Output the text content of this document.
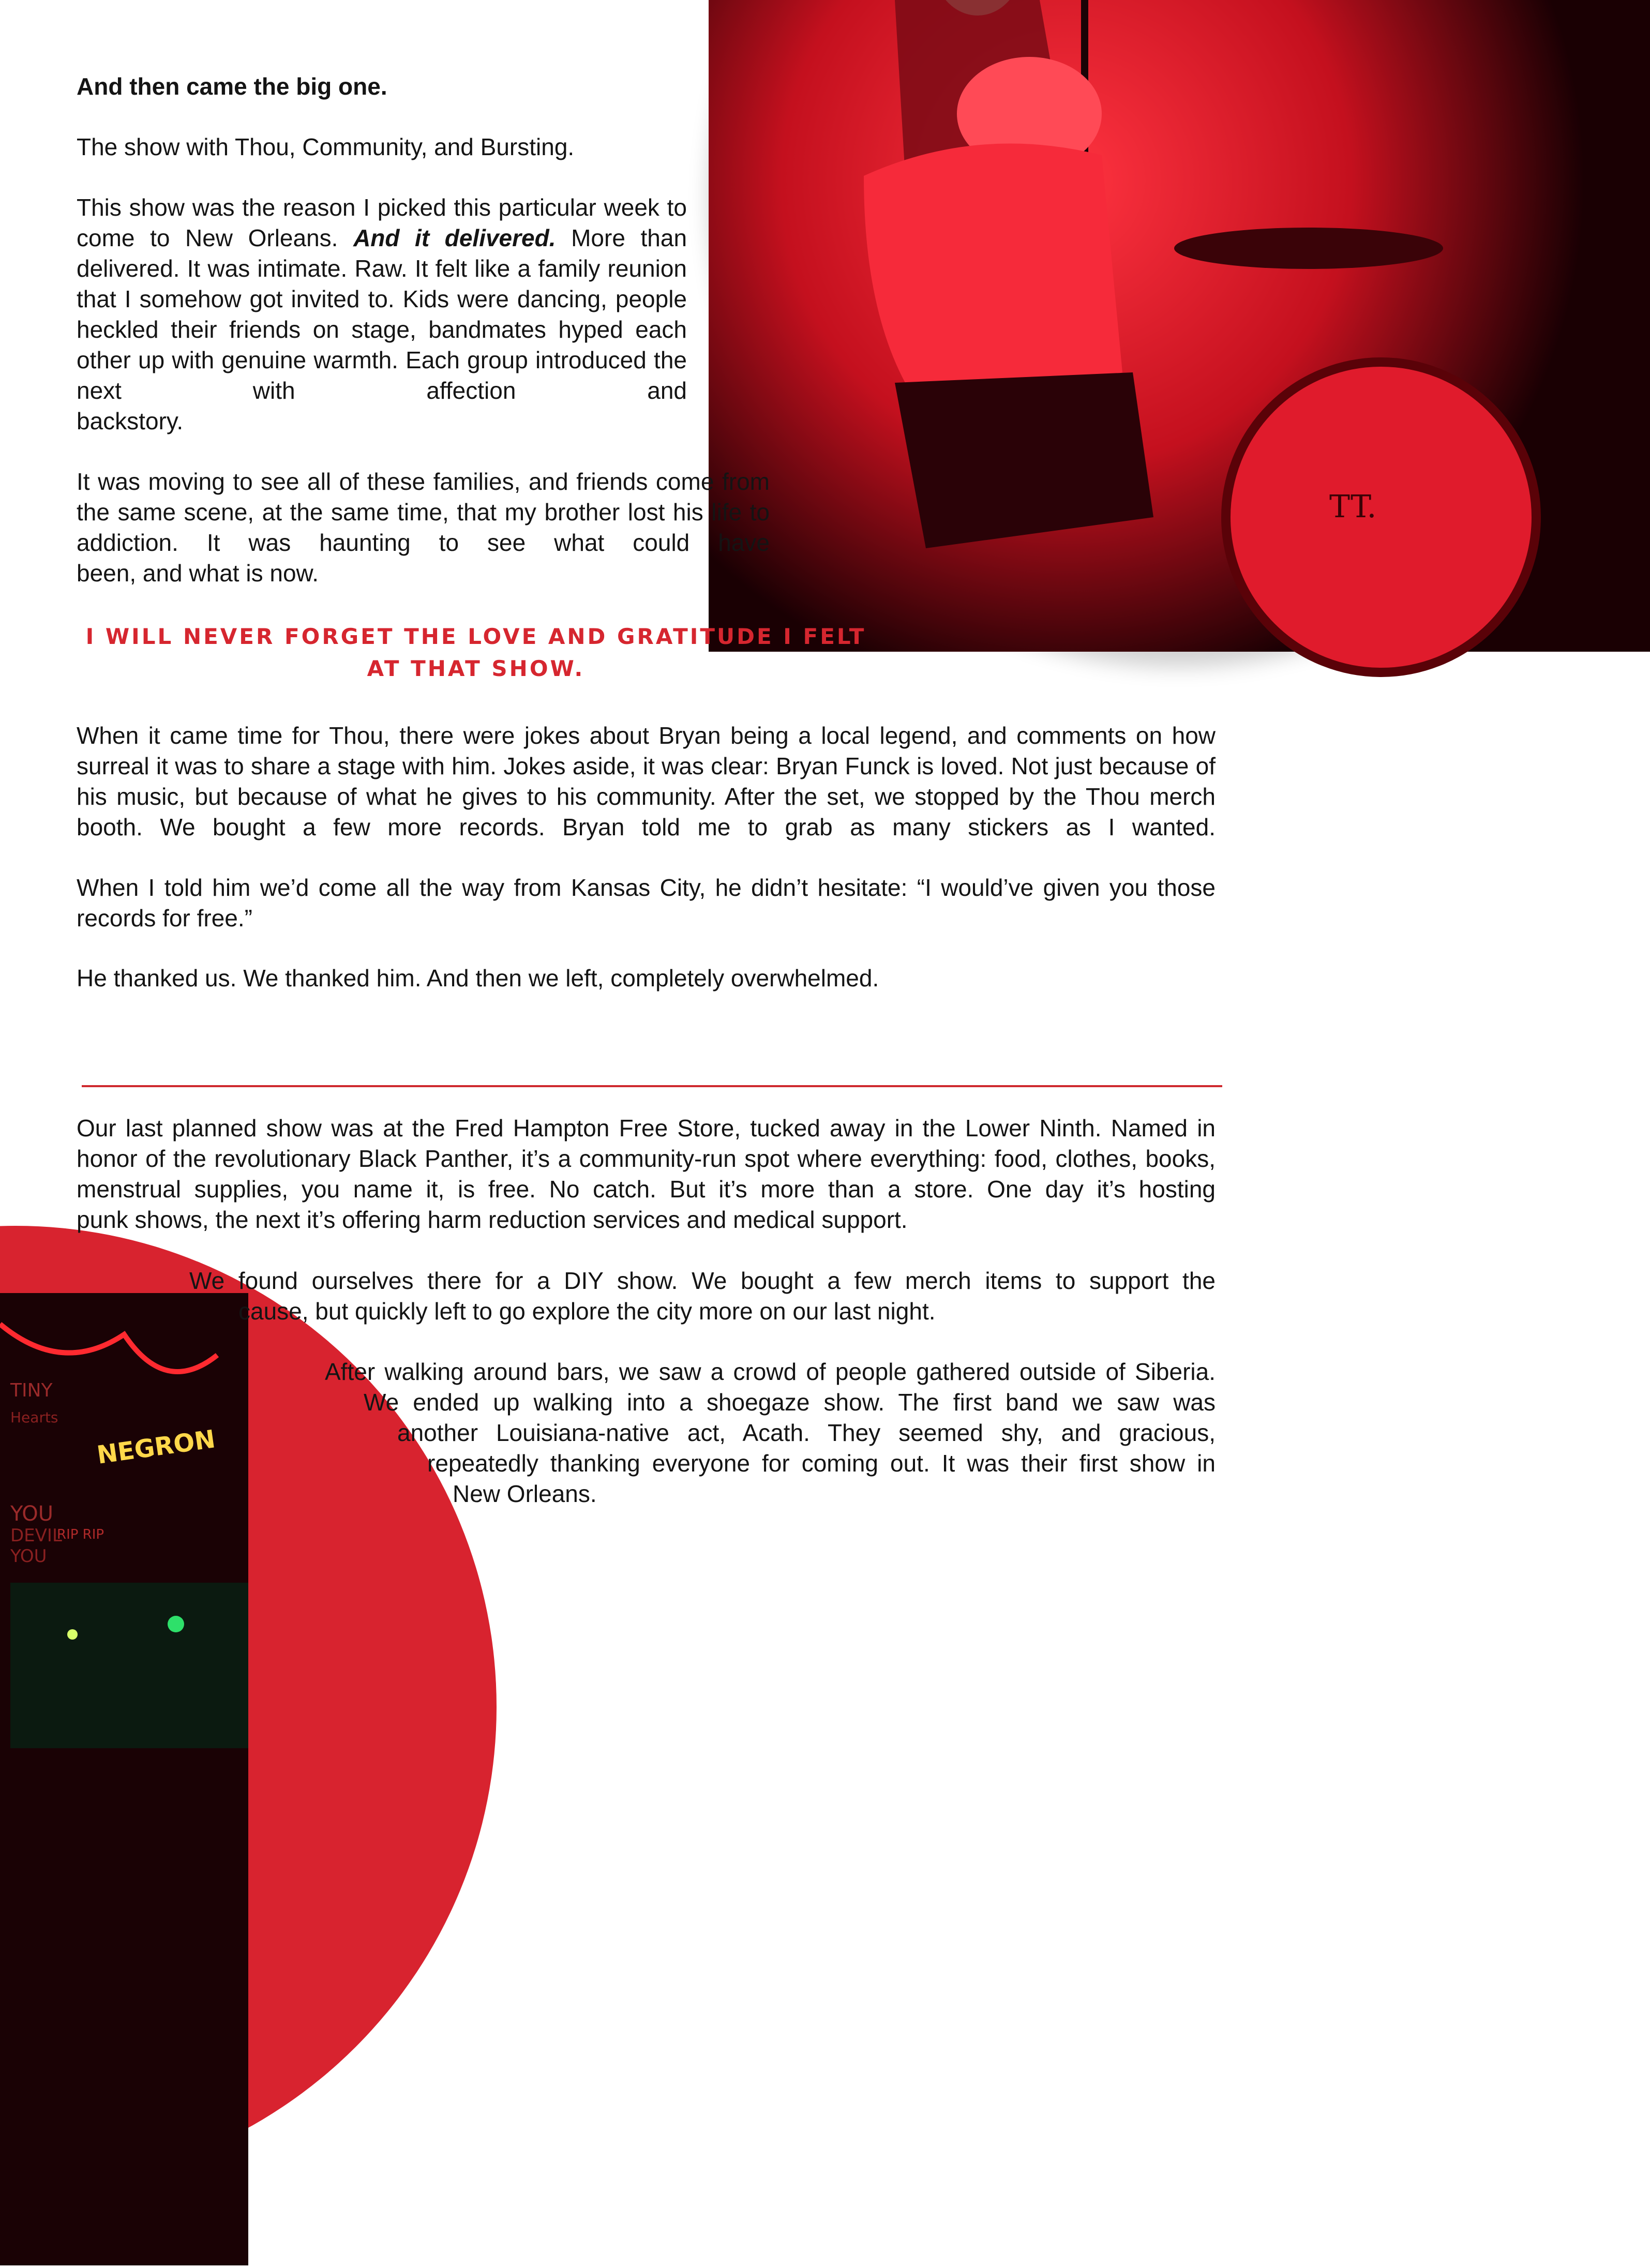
TT.
NEGRON
TINY
Hearts
YOU
DEVIL
YOU
RIP RIP

And then came the big one.

The show with Thou, Community, and Bursting.

This show was the reason I picked this particular week to come to New Orleans. And it delivered. More than delivered. It was intimate. Raw. It felt like a family reunion that I somehow got invited to. Kids were dancing, people heckled their friends on stage, bandmates hyped each other up with genuine warmth. Each group introduced the next with affection and
backstory.

It was moving to see all of these families, and friends come from the same scene, at the same time, that my brother lost his life to addiction. It was haunting to see what could have
been, and what is now.

I WILL NEVER FORGET THE LOVE AND GRATITUDE I FELT AT THAT SHOW.

When it came time for Thou, there were jokes about Bryan being a local legend, and comments on how surreal it was to share a stage with him. Jokes aside, it was clear: Bryan Funck is loved. Not just because of his music, but because of what he gives to his community. After the set, we stopped by the Thou merch booth. We bought a few more records. Bryan told me to grab as many stickers as I wanted.

When I told him we’d come all the way from Kansas City, he didn’t hesitate: “I would’ve given you those
records for free.”

He thanked us. We thanked him. And then we left, completely overwhelmed.

Our last planned show was at the Fred Hampton Free Store, tucked away in the Lower Ninth. Named in honor of the revolutionary Black Panther, it’s a community-run spot where everything: food, clothes, books, menstrual supplies, you name it, is free. No catch. But it’s more than a store. One day it’s hosting
punk shows, the next it’s offering harm reduction services and medical support.

We found ourselves there for a DIY show. We bought a few merch items to support the
cause, but quickly left to go explore the city more on our last night.
After walking around bars, we saw a crowd of people gathered outside of Siberia.
We ended up walking into a shoegaze show. The first band we saw was
another Louisiana-native act, Acath. They seemed shy, and gracious,
repeatedly thanking everyone for coming out. It was their first show in
New Orleans.
